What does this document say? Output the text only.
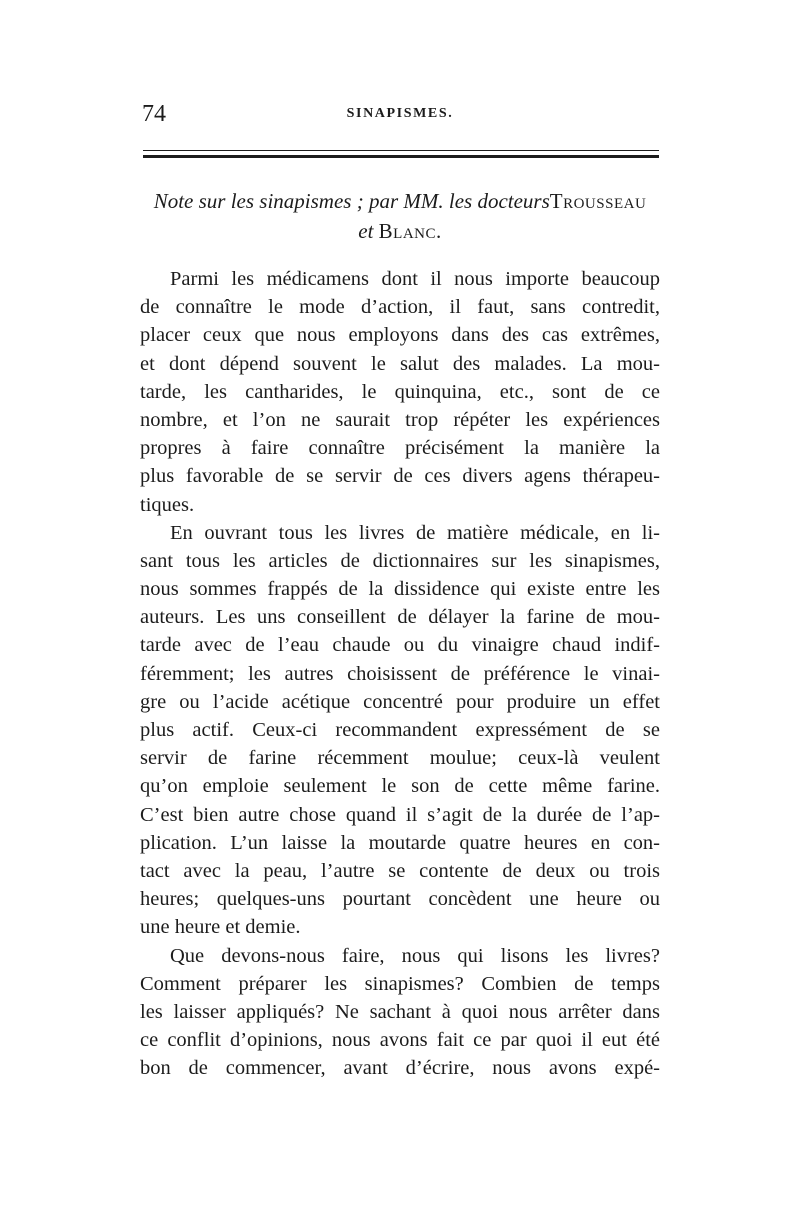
74	SINAPISMES.
Note sur les sinapismes ; par MM. les docteursTrousseau
et Blanc.
Parmi les médicamens dont il nous importe beaucoup
de connaître le mode d’action, il faut, sans contredit,
placer ceux que nous employons dans des cas extrêmes,
et dont dépend souvent le salut des malades. La mou-
tarde, les cantharides, le quinquina, etc., sont de ce
nombre, et l’on ne saurait trop répéter les expériences
propres à faire connaître précisément la manière la
plus favorable de se servir de ces divers agens thérapeu-
tiques.
En ouvrant tous les livres de matière médicale, en li-
sant tous les articles de dictionnaires sur les sinapismes,
nous sommes frappés de la dissidence qui existe entre les
auteurs. Les uns conseillent de délayer la farine de mou-
tarde avec de l’eau chaude ou du vinaigre chaud indif-
féremment; les autres choisissent de préférence le vinai-
gre ou l’acide acétique concentré pour produire un effet
plus actif. Ceux-ci recommandent expressément de se
servir de farine récemment moulue; ceux-là veulent
qu’on emploie seulement le son de cette même farine.
C’est bien autre chose quand il s’agit de la durée de l’ap-
plication. L’un laisse la moutarde quatre heures en con-
tact avec la peau, l’autre se contente de deux ou trois
heures; quelques-uns pourtant concèdent une heure ou
une heure et demie.
Que devons-nous faire, nous qui lisons les livres?
Comment préparer les sinapismes? Combien de temps
les laisser appliqués? Ne sachant à quoi nous arrêter dans
ce conflit d’opinions, nous avons fait ce par quoi il eut été
bon de commencer, avant d’écrire, nous avons expé-
